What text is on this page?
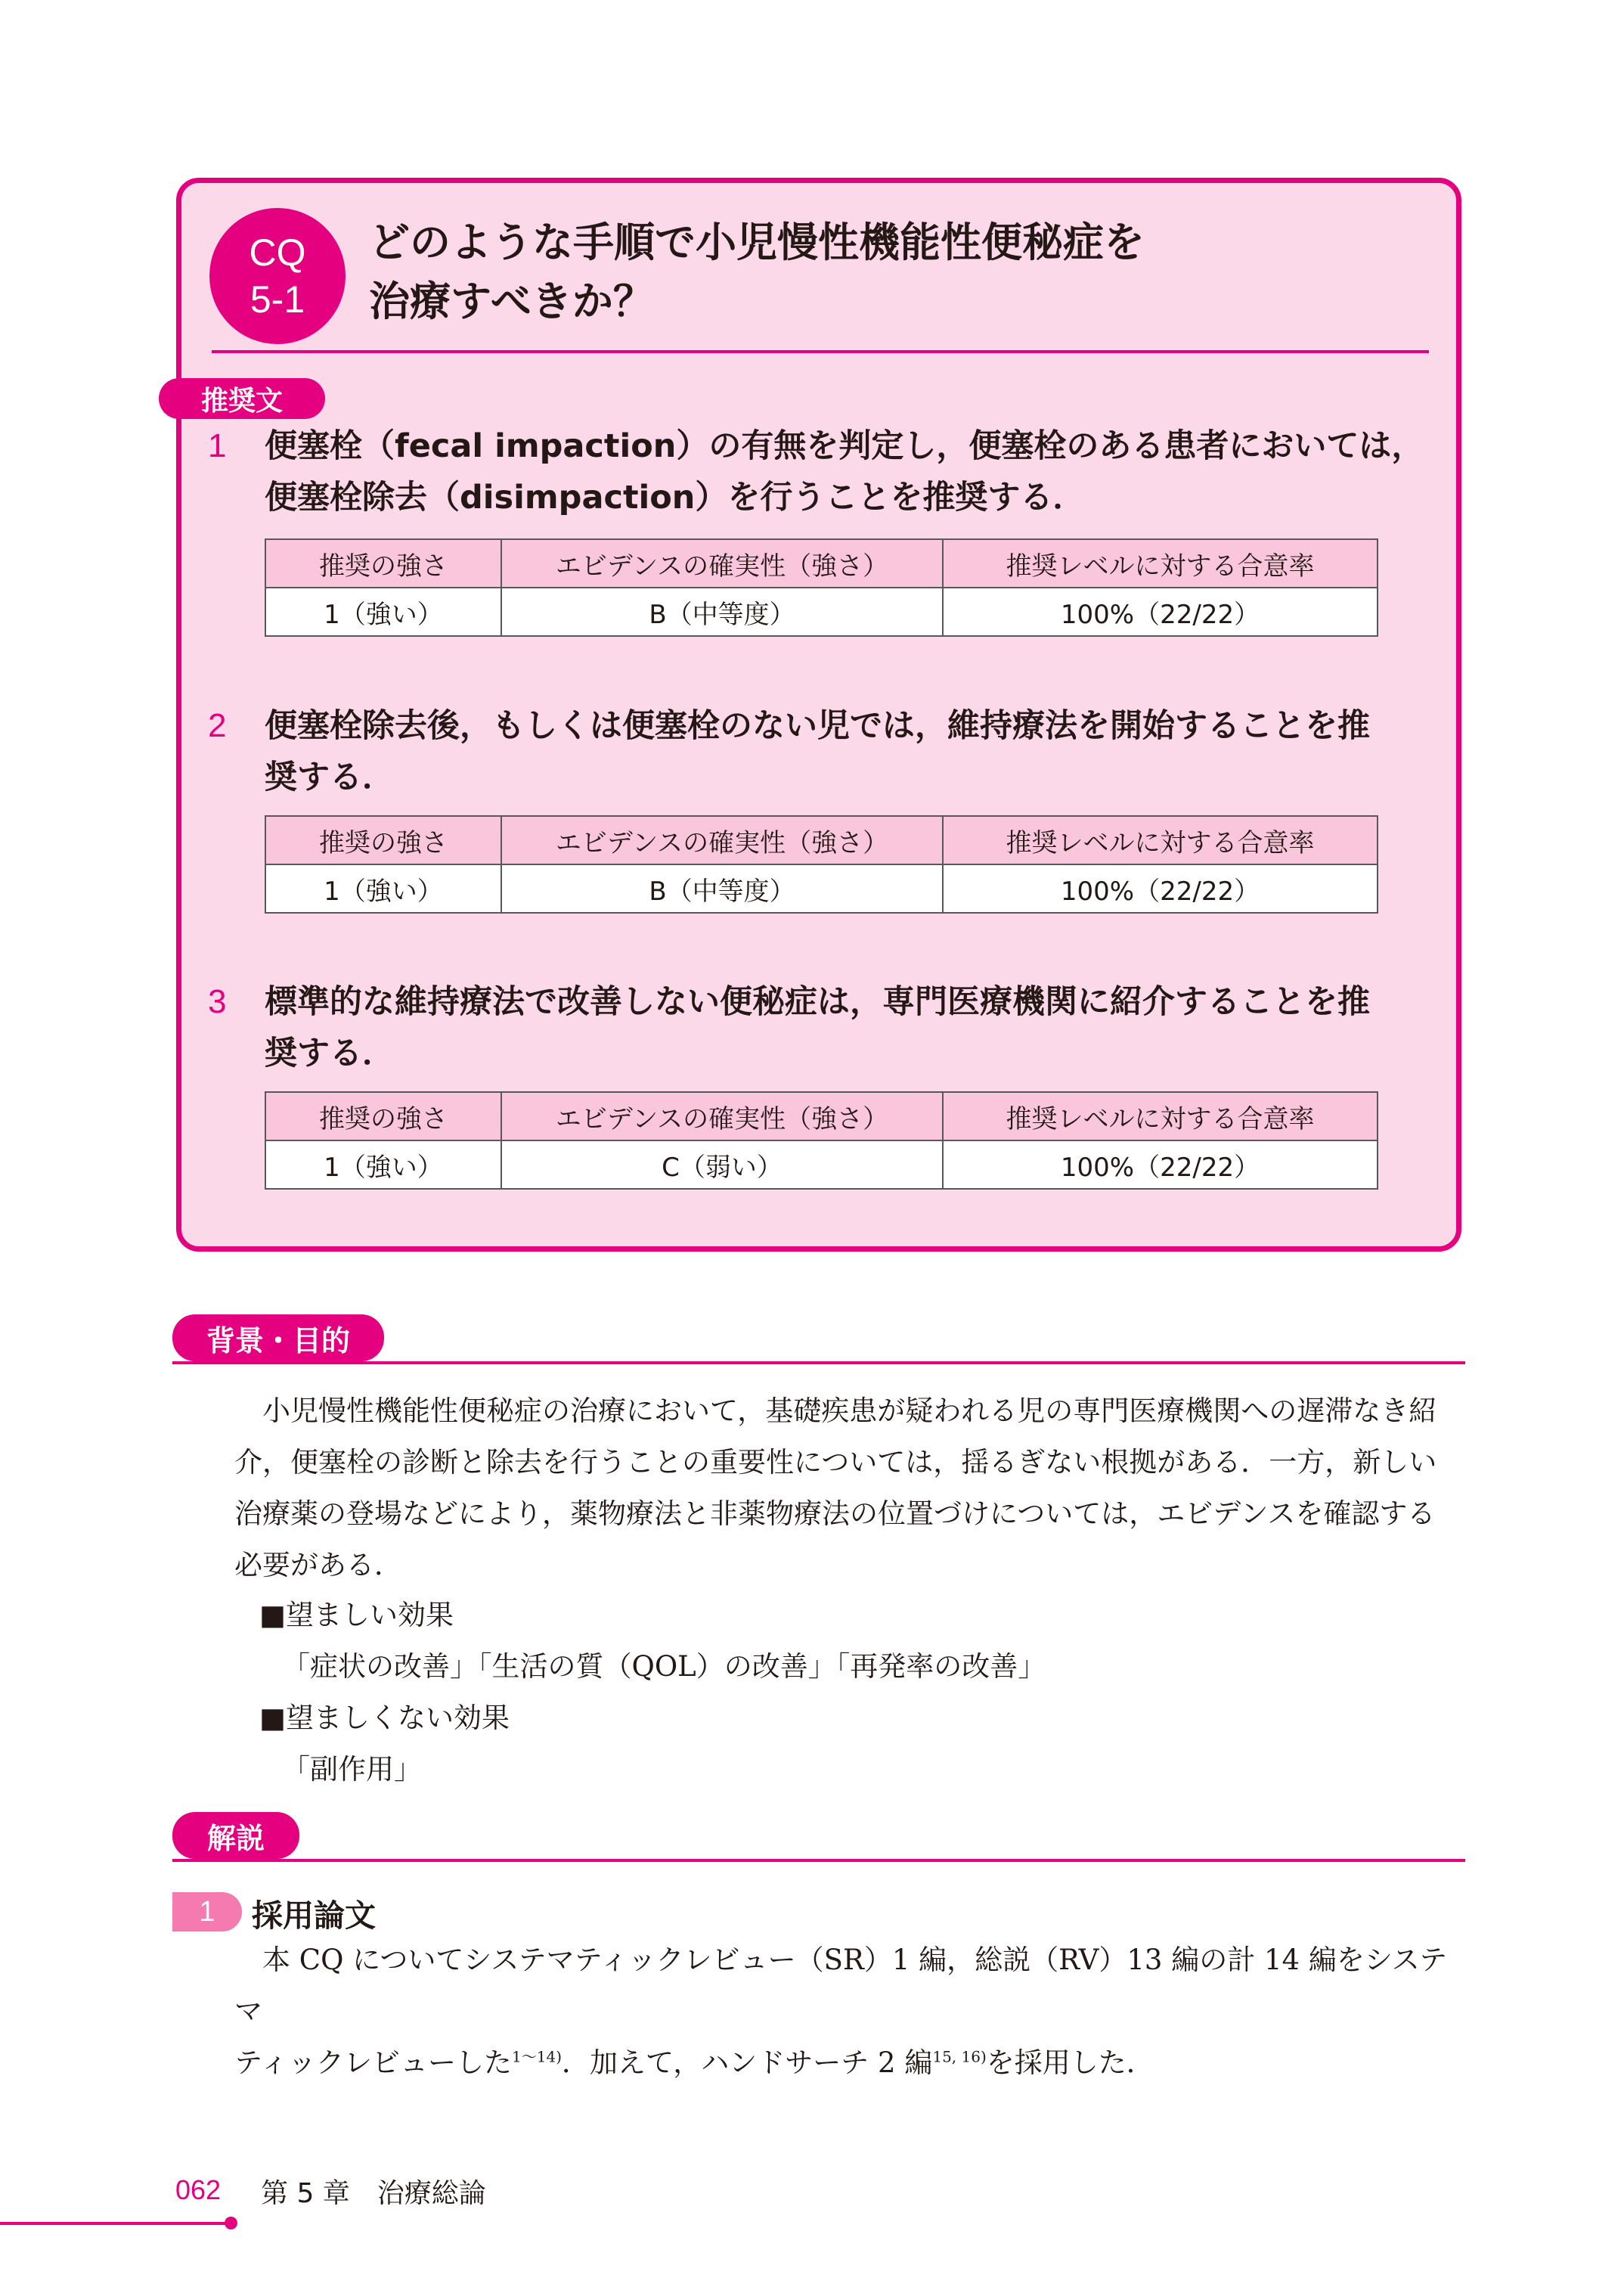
CQ
5-1
どのような手順で小児慢性機能性便秘症を
治療すべきか？
推奨文
1 便塞栓（fecal impaction）の有無を判定し，便塞栓のある患者においては，
便塞栓除去（disimpaction）を行うことを推奨する．
推奨の強さ	エビデンスの確実性（強さ）	推奨レベルに対する合意率
1（強い）	B（中等度）	100%（22/22）
2 便塞栓除去後，もしくは便塞栓のない児では，維持療法を開始することを推
奨する．
推奨の強さ	エビデンスの確実性（強さ）	推奨レベルに対する合意率
1（強い）	B（中等度）	100%（22/22）
3 標準的な維持療法で改善しない便秘症は，専門医療機関に紹介することを推
奨する．
推奨の強さ	エビデンスの確実性（強さ）	推奨レベルに対する合意率
1（強い）	C（弱い）	100%（22/22）
背景・目的

　小児慢性機能性便秘症の治療において，基礎疾患が疑われる児の専門医療機関への遅滞なき紹

介，便塞栓の診断と除去を行うことの重要性については，揺るぎない根拠がある．一方，新しい

治療薬の登場などにより，薬物療法と非薬物療法の位置づけについては，エビデンスを確認する

必要がある．

■望ましい効果

「症状の改善」「生活の質（QOL）の改善」「再発率の改善」

■望ましくない効果

「副作用」

解説
1	採用論文

　本 CQ についてシステマティックレビュー（SR）1 編，総説（RV）13 編の計 14 編をシステマ

ティックレビューした$^{1〜14)}$．加えて，ハンドサーチ 2 編$^{15, 16)}$を採用した．

062 第 5 章　治療総論
